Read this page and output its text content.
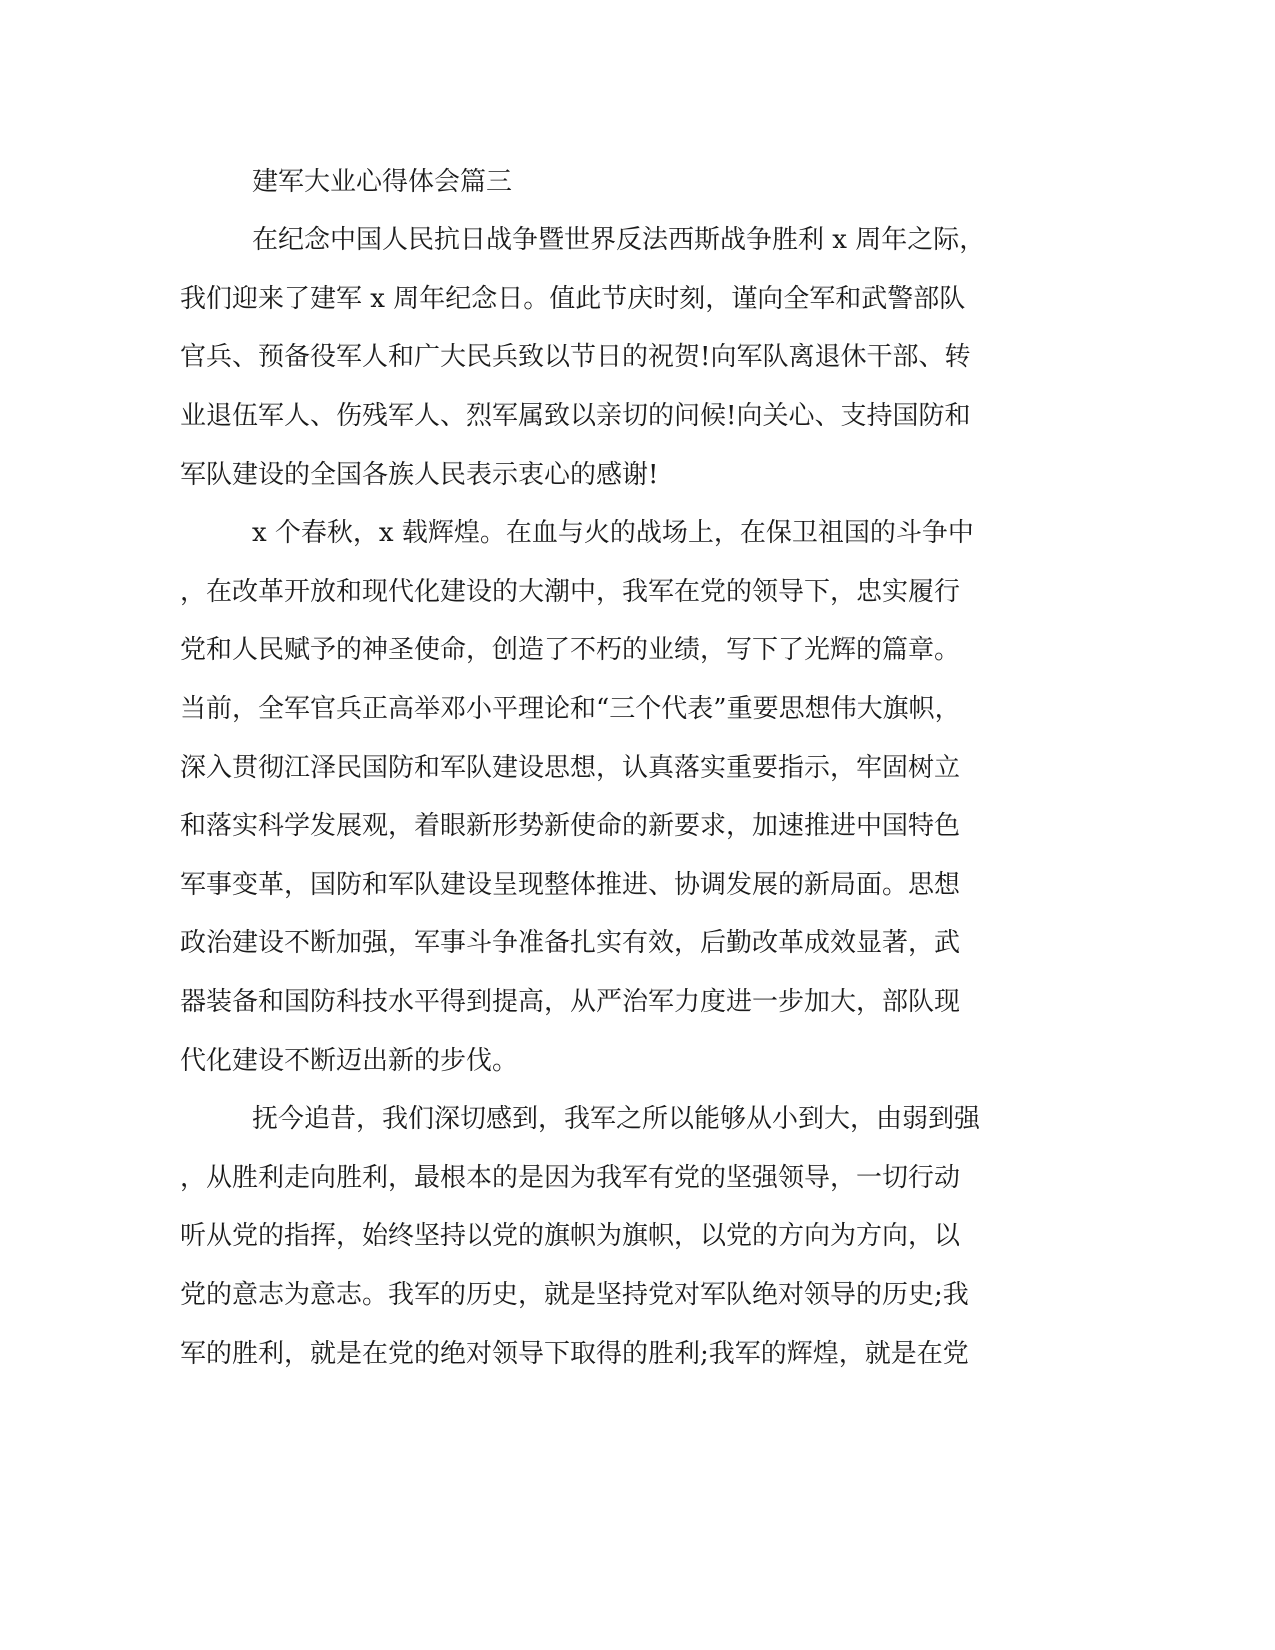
建军大业心得体会篇三
在纪念中国人民抗日战争暨世界反法西斯战争胜利 x 周年之际，
我们迎来了建军 x 周年纪念日。值此节庆时刻，谨向全军和武警部队
官兵、预备役军人和广大民兵致以节日的祝贺!向军队离退休干部、转
业退伍军人、伤残军人、烈军属致以亲切的问候!向关心、支持国防和
军队建设的全国各族人民表示衷心的感谢!
x 个春秋，x 载辉煌。在血与火的战场上，在保卫祖国的斗争中
，在改革开放和现代化建设的大潮中，我军在党的领导下，忠实履行
党和人民赋予的神圣使命，创造了不朽的业绩，写下了光辉的篇章。
当前，全军官兵正高举邓小平理论和“三个代表”重要思想伟大旗帜，
深入贯彻江泽民国防和军队建设思想，认真落实重要指示，牢固树立
和落实科学发展观，着眼新形势新使命的新要求，加速推进中国特色
军事变革，国防和军队建设呈现整体推进、协调发展的新局面。思想
政治建设不断加强，军事斗争准备扎实有效，后勤改革成效显著，武
器装备和国防科技水平得到提高，从严治军力度进一步加大，部队现
代化建设不断迈出新的步伐。
抚今追昔，我们深切感到，我军之所以能够从小到大，由弱到强
，从胜利走向胜利，最根本的是因为我军有党的坚强领导，一切行动
听从党的指挥，始终坚持以党的旗帜为旗帜，以党的方向为方向，以
党的意志为意志。我军的历史，就是坚持党对军队绝对领导的历史;我
军的胜利，就是在党的绝对领导下取得的胜利;我军的辉煌，就是在党
